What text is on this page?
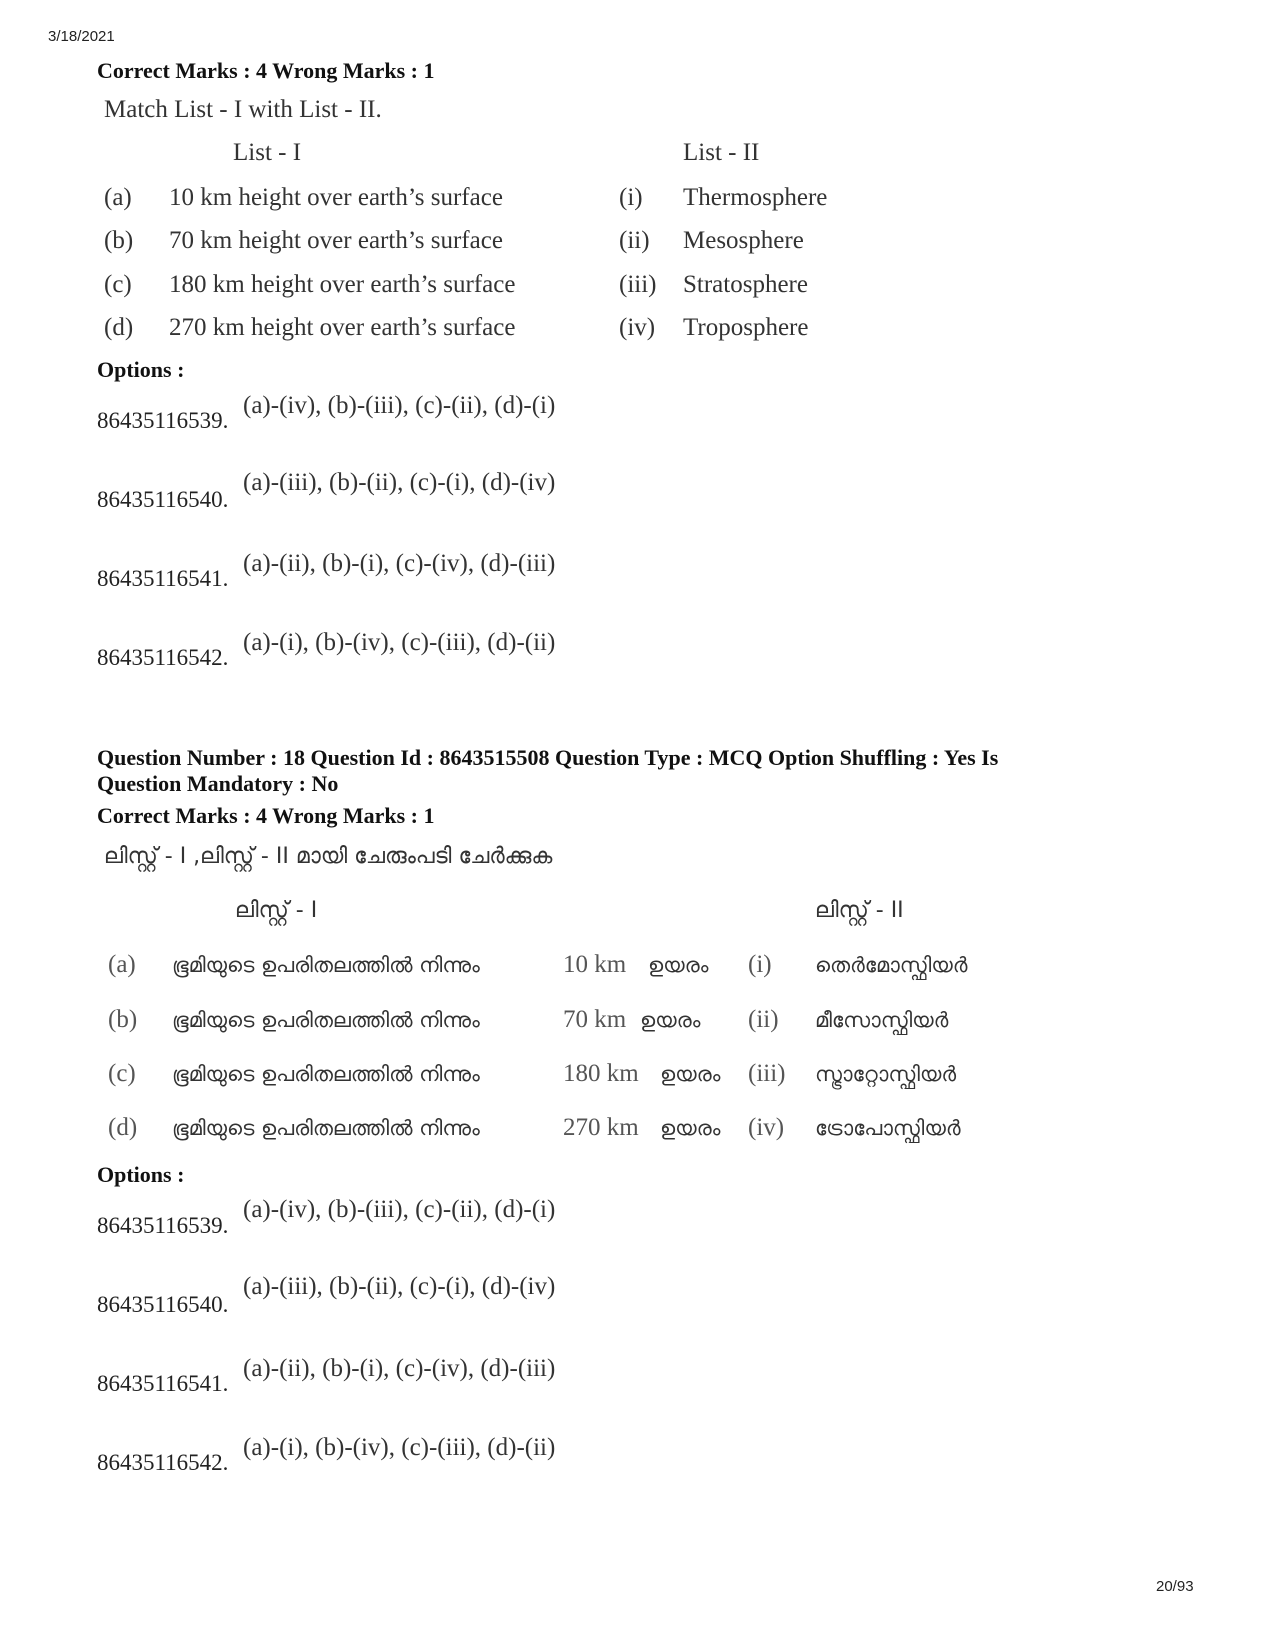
3/18/2021
Correct Marks : 4 Wrong Marks : 1
Match List - I with List - II.
List - I	List - II
(a) 10 km height over earth’s surface	(i) Thermosphere
(b) 70 km height over earth’s surface	(ii) Mesosphere
(c) 180 km height over earth’s surface	(iii) Stratosphere
(d) 270 km height over earth’s surface	(iv) Troposphere
Options :
86435116539.
(a)-(iv), (b)-(iii), (c)-(ii), (d)-(i)
86435116540.
(a)-(iii), (b)-(ii), (c)-(i), (d)-(iv)
86435116541.
(a)-(ii), (b)-(i), (c)-(iv), (d)-(iii)
86435116542.
(a)-(i), (b)-(iv), (c)-(iii), (d)-(ii)
Question Number : 18 Question Id : 8643515508 Question Type : MCQ Option Shuffling : Yes Is
Question Mandatory : No
Correct Marks : 4 Wrong Marks : 1
ലിസ്റ്റ് - I ,ലിസ്റ്റ് - II മായി ചേരുംപടി ചേർക്കുക
ലിസ്റ്റ് - I	ലിസ്റ്റ് - II
(a) ഭൂമിയുടെ ഉപരിതലത്തിൽ നിന്നും	10 km ഉയരം (i) തെർമോസ്ഫിയർ
(b) ഭൂമിയുടെ ഉപരിതലത്തിൽ നിന്നും	70 km ഉയരം (ii) മീസോസ്ഫിയർ
(c) ഭൂമിയുടെ ഉപരിതലത്തിൽ നിന്നും	180 km ഉയരം (iii) സ്ട്രാറ്റോസ്ഫിയർ
(d) ഭൂമിയുടെ ഉപരിതലത്തിൽ നിന്നും	270 km ഉയരം (iv) ട്രോപോസ്ഫിയർ
Options :
86435116539.
(a)-(iv), (b)-(iii), (c)-(ii), (d)-(i)
86435116540.
(a)-(iii), (b)-(ii), (c)-(i), (d)-(iv)
86435116541.
(a)-(ii), (b)-(i), (c)-(iv), (d)-(iii)
86435116542.
(a)-(i), (b)-(iv), (c)-(iii), (d)-(ii)
20/93
